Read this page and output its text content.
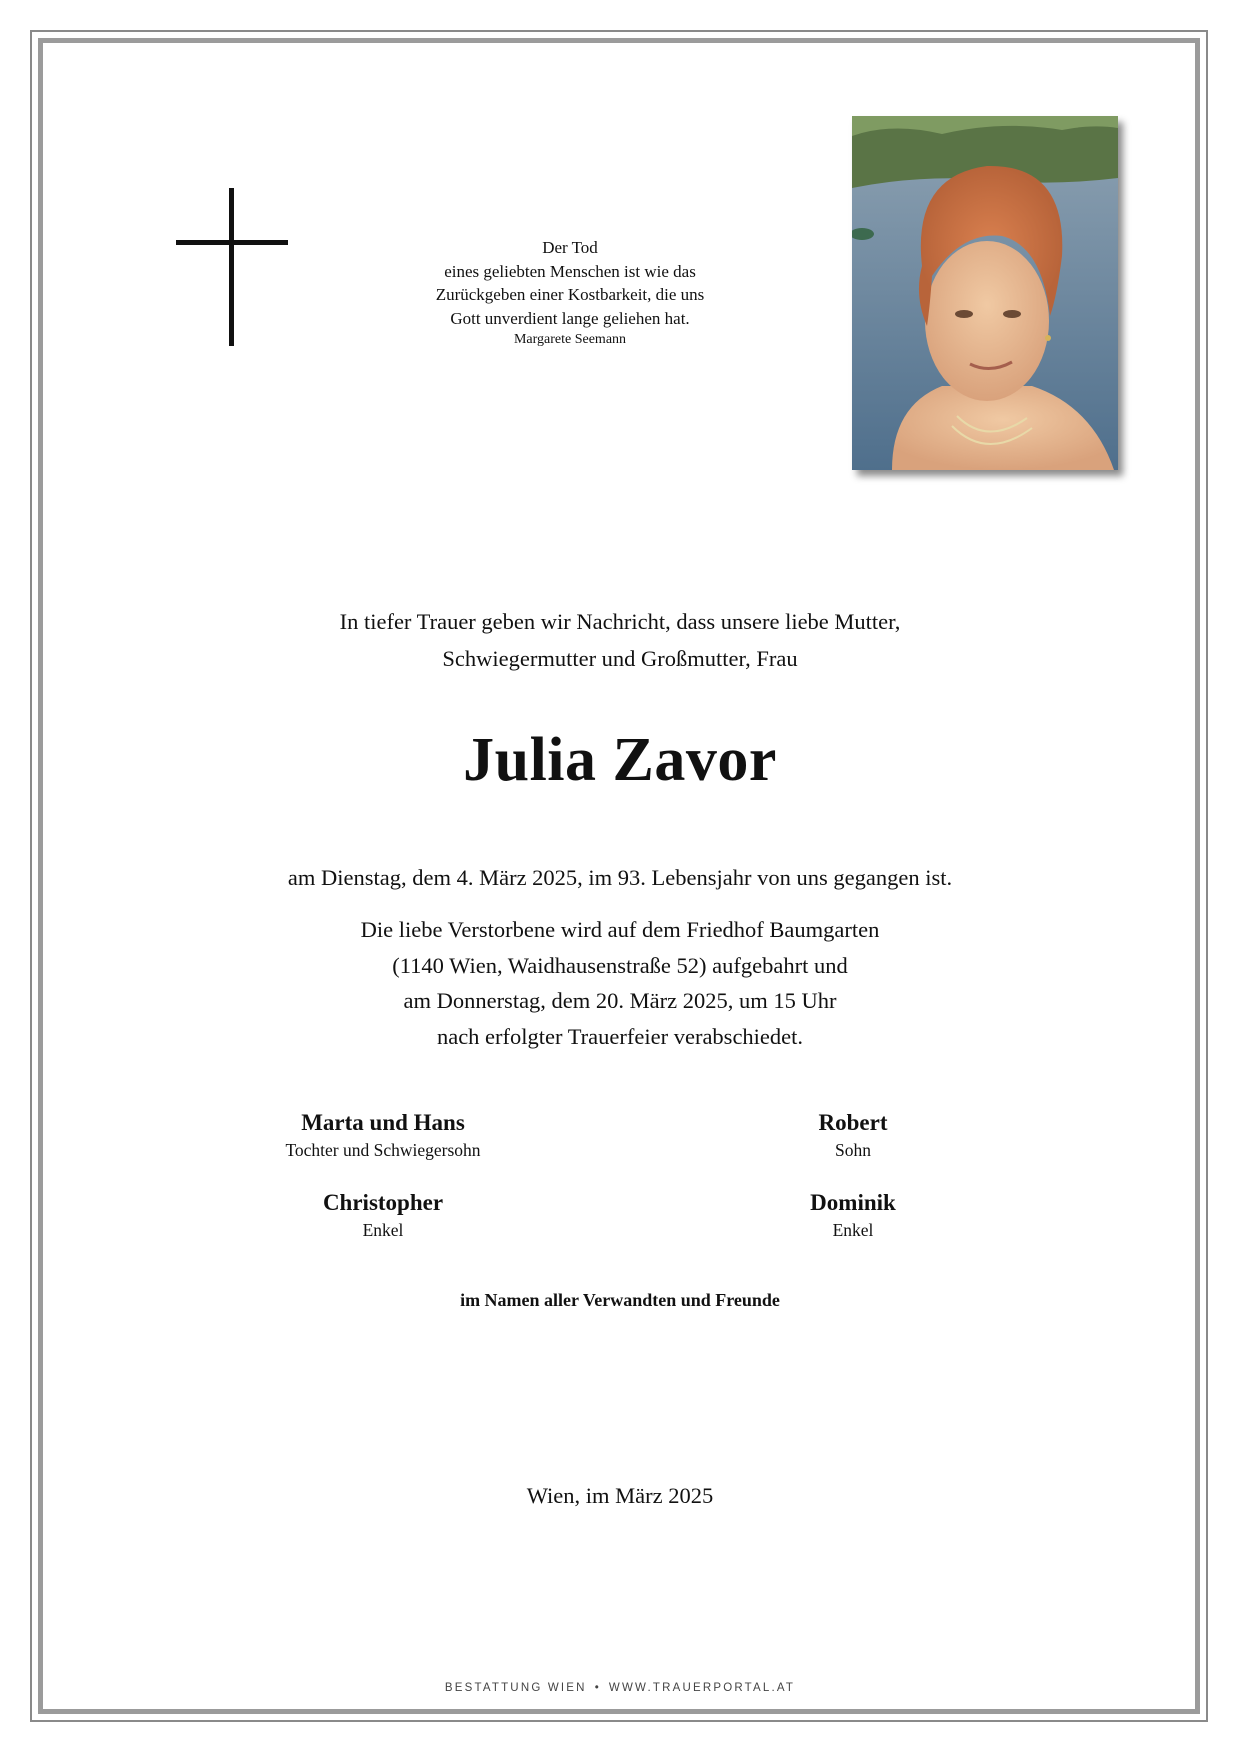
Der Tod
eines geliebten Menschen ist wie das
Zurückgeben einer Kostbarkeit, die uns
Gott unverdient lange geliehen hat.
Margarete Seemann
In tiefer Trauer geben wir Nachricht, dass unsere liebe Mutter,
Schwiegermutter und Großmutter, Frau
Julia Zavor
am Dienstag, dem 4. März 2025, im 93. Lebensjahr von uns gegangen ist.
Die liebe Verstorbene wird auf dem Friedhof Baumgarten
(1140 Wien, Waidhausenstraße 52) aufgebahrt und
am Donnerstag, dem 20. März 2025, um 15 Uhr
nach erfolgter Trauerfeier verabschiedet.
Marta und Hans
Tochter und Schwiegersohn
Robert
Sohn
Christopher
Enkel
Dominik
Enkel
im Namen aller Verwandten und Freunde
Wien, im März 2025
BESTATTUNG WIEN • WWW.TRAUERPORTAL.AT
